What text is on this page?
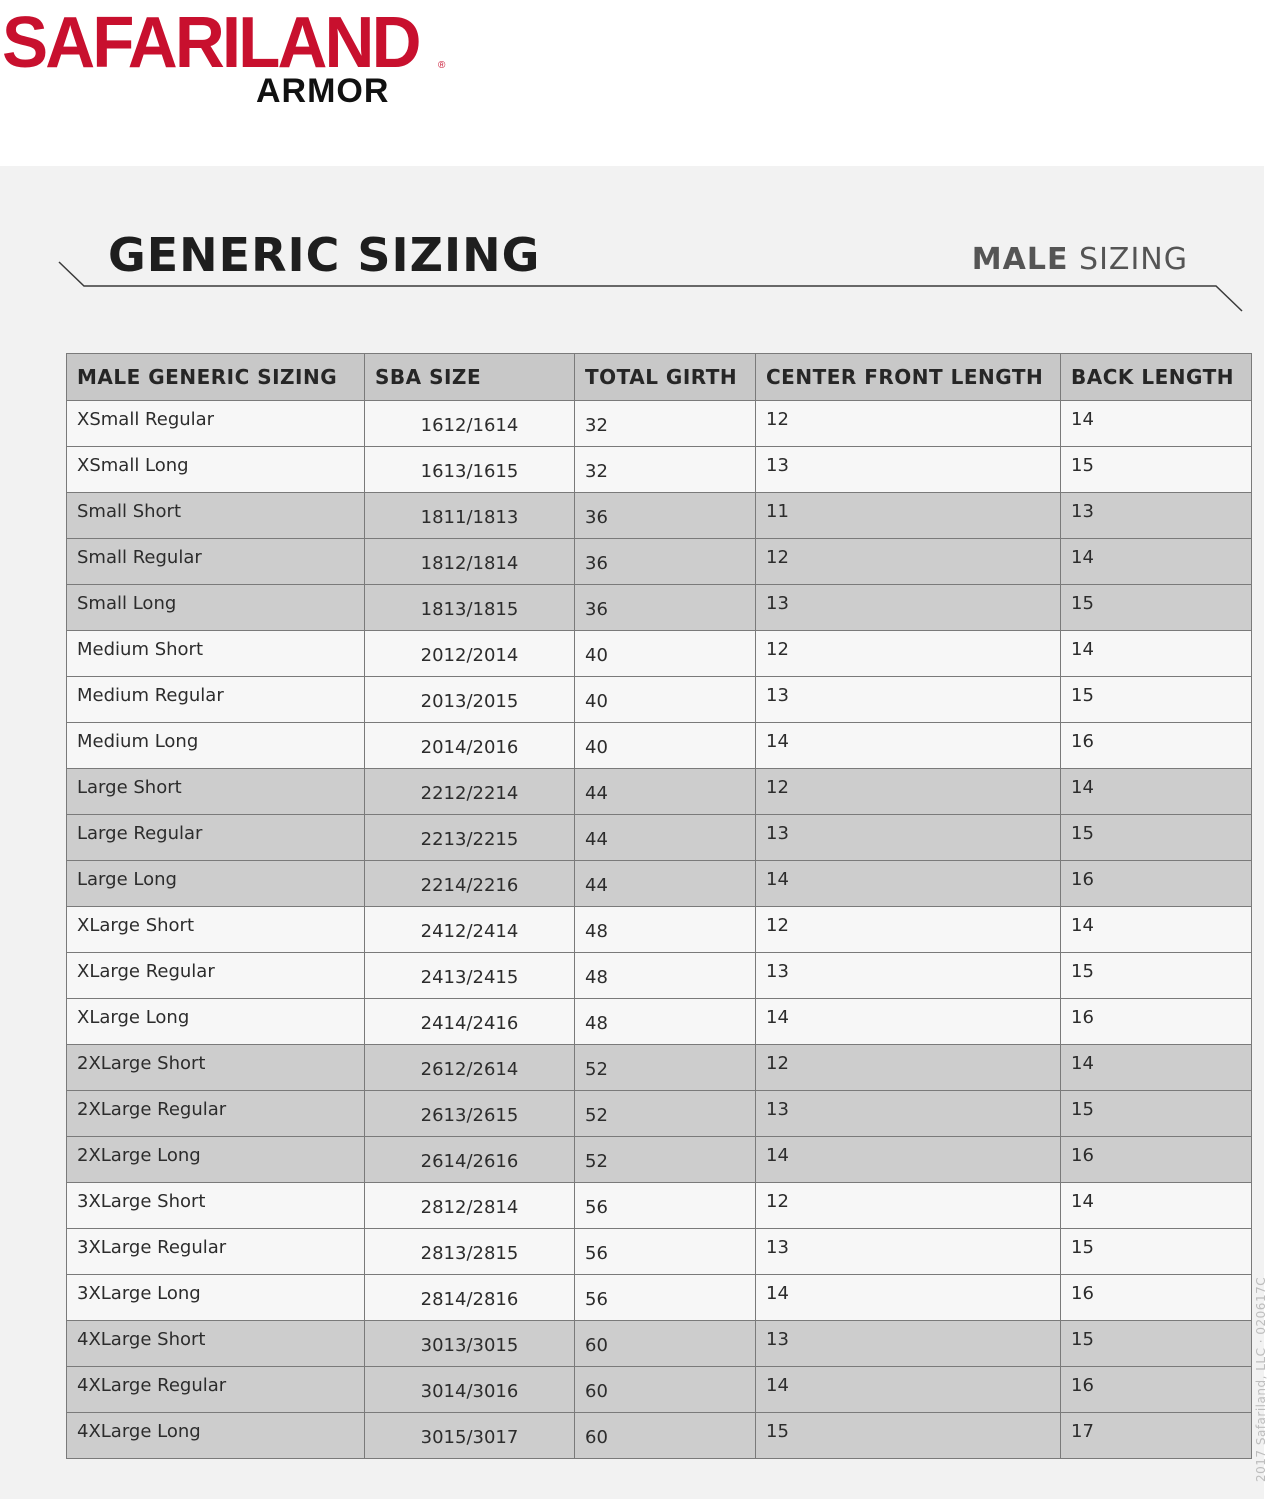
SAFARILAND ®
ARMOR
GENERIC SIZING	MALE SIZING
MALE GENERIC SIZING	SBA SIZE	TOTAL GIRTH	CENTER FRONT LENGTH	BACK LENGTH
XSmall Regular	1612/1614	32	12	14
XSmall Long	1613/1615	32	13	15
Small Short	1811/1813	36	11	13
Small Regular	1812/1814	36	12	14
Small Long	1813/1815	36	13	15
Medium Short	2012/2014	40	12	14
Medium Regular	2013/2015	40	13	15
Medium Long	2014/2016	40	14	16
Large Short	2212/2214	44	12	14
Large Regular	2213/2215	44	13	15
Large Long	2214/2216	44	14	16
XLarge Short	2412/2414	48	12	14
XLarge Regular	2413/2415	48	13	15
XLarge Long	2414/2416	48	14	16
2XLarge Short	2612/2614	52	12	14
2XLarge Regular	2613/2615	52	13	15
2XLarge Long	2614/2616	52	14	16
3XLarge Short	2812/2814	56	12	14
3XLarge Regular	2813/2815	56	13	15
3XLarge Long	2814/2816	56	14	16
4XLarge Short	3013/3015	60	13	15
4XLarge Regular	3014/3016	60	14	16
4XLarge Long	3015/3017	60	15	17	2017 Safariland, LLC · 020617C
